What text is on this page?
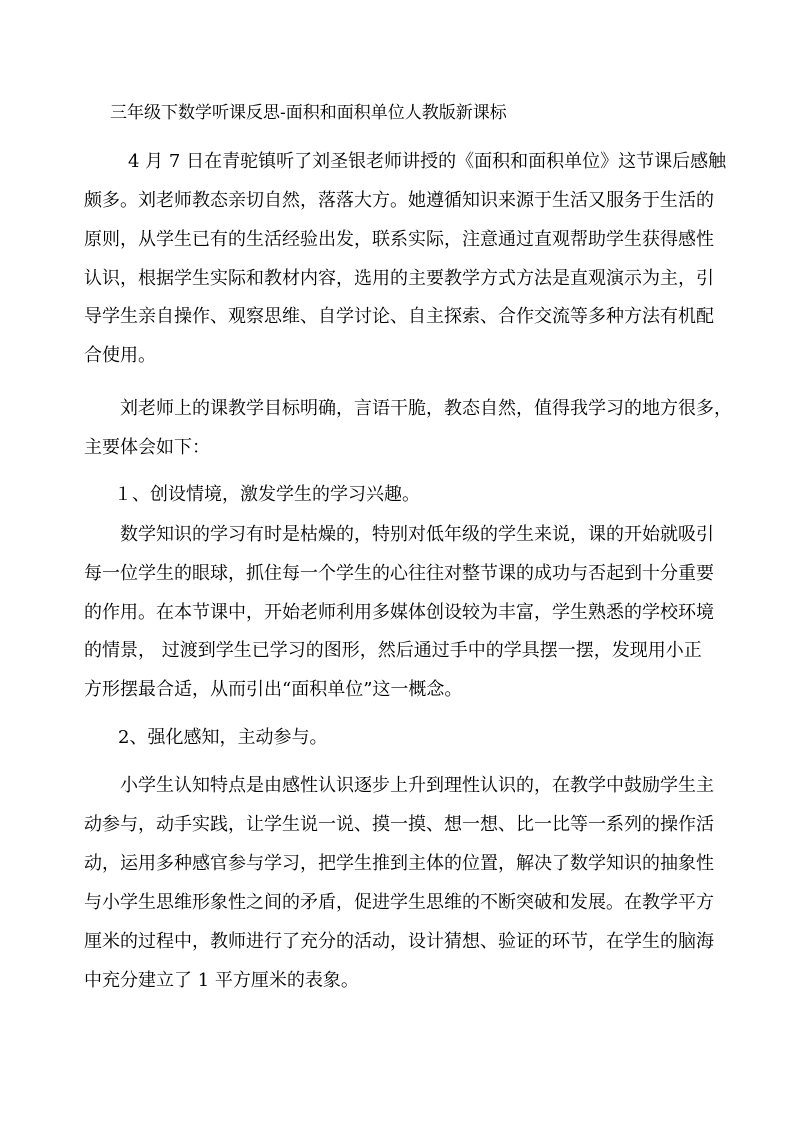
三年级下数学听课反思-面积和面积单位人教版新课标
4 月 7 日在青驼镇听了刘圣银老师讲授的《面积和面积单位》这节课后感触
颇多。刘老师教态亲切自然，落落大方。她遵循知识来源于生活又服务于生活的
原则，从学生已有的生活经验出发，联系实际，注意通过直观帮助学生获得感性
认识，根据学生实际和教材内容，选用的主要教学方式方法是直观演示为主，引
导学生亲自操作、观察思维、自学讨论、自主探索、合作交流等多种方法有机配
合使用。
刘老师上的课教学目标明确，言语干脆，教态自然，值得我学习的地方很多，
主要体会如下：
１、创设情境，激发学生的学习兴趣。
数学知识的学习有时是枯燥的，特别对低年级的学生来说，课的开始就吸引
每一位学生的眼球，抓住每一个学生的心往往对整节课的成功与否起到十分重要
的作用。在本节课中，开始老师利用多媒体创设较为丰富，学生熟悉的学校环境
的情景， 过渡到学生已学习的图形，然后通过手中的学具摆一摆，发现用小正
方形摆最合适，从而引出“面积单位”这一概念。
2、强化感知，主动参与。
小学生认知特点是由感性认识逐步上升到理性认识的，在教学中鼓励学生主
动参与，动手实践，让学生说一说、摸一摸、想一想、比一比等一系列的操作活
动，运用多种感官参与学习，把学生推到主体的位置，解决了数学知识的抽象性
与小学生思维形象性之间的矛盾，促进学生思维的不断突破和发展。在教学平方
厘米的过程中，教师进行了充分的活动，设计猜想、验证的环节，在学生的脑海
中充分建立了 1 平方厘米的表象。
